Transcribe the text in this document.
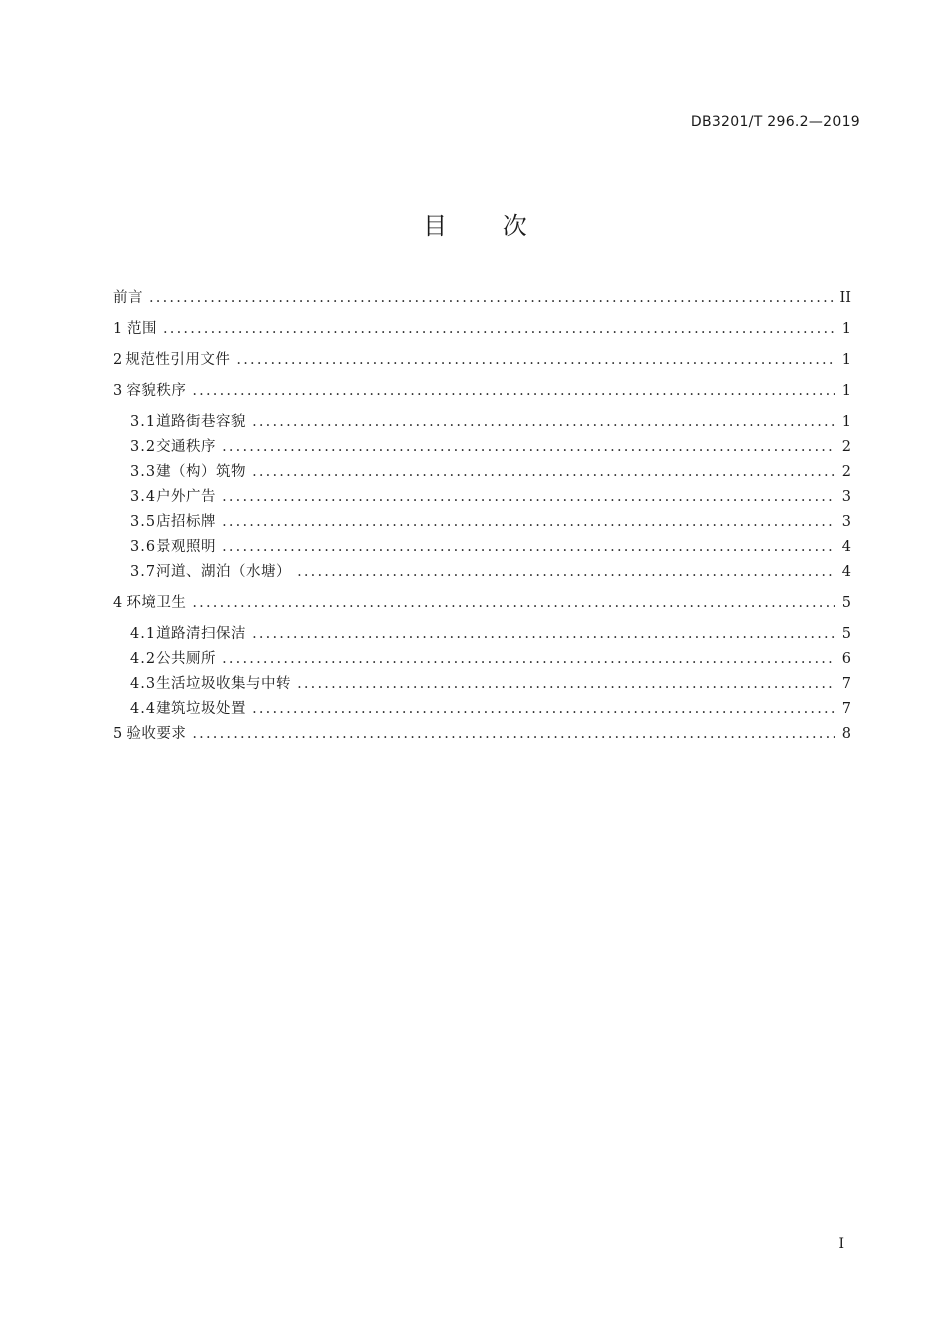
DB3201/T 296.2—2019
目 次
前言 .....	II
1 范围 .....	1
2 规范性引用文件 .....	1
3 容貌秩序 .....	1
3.1 道路街巷容貌 .....	1
3.2 交通秩序 .....	2
3.3 建（构）筑物 .....	2
3.4 户外广告 .....	3
3.5 店招标牌 .....	3
3.6 景观照明 .....	4
3.7 河道、湖泊（水塘） .....	4
4 环境卫生 .....	5
4.1 道路清扫保洁 .....	5
4.2 公共厕所 .....	6
4.3 生活垃圾收集与中转 .....	7
4.4 建筑垃圾处置 .....	7
5 验收要求 .....	8
I
